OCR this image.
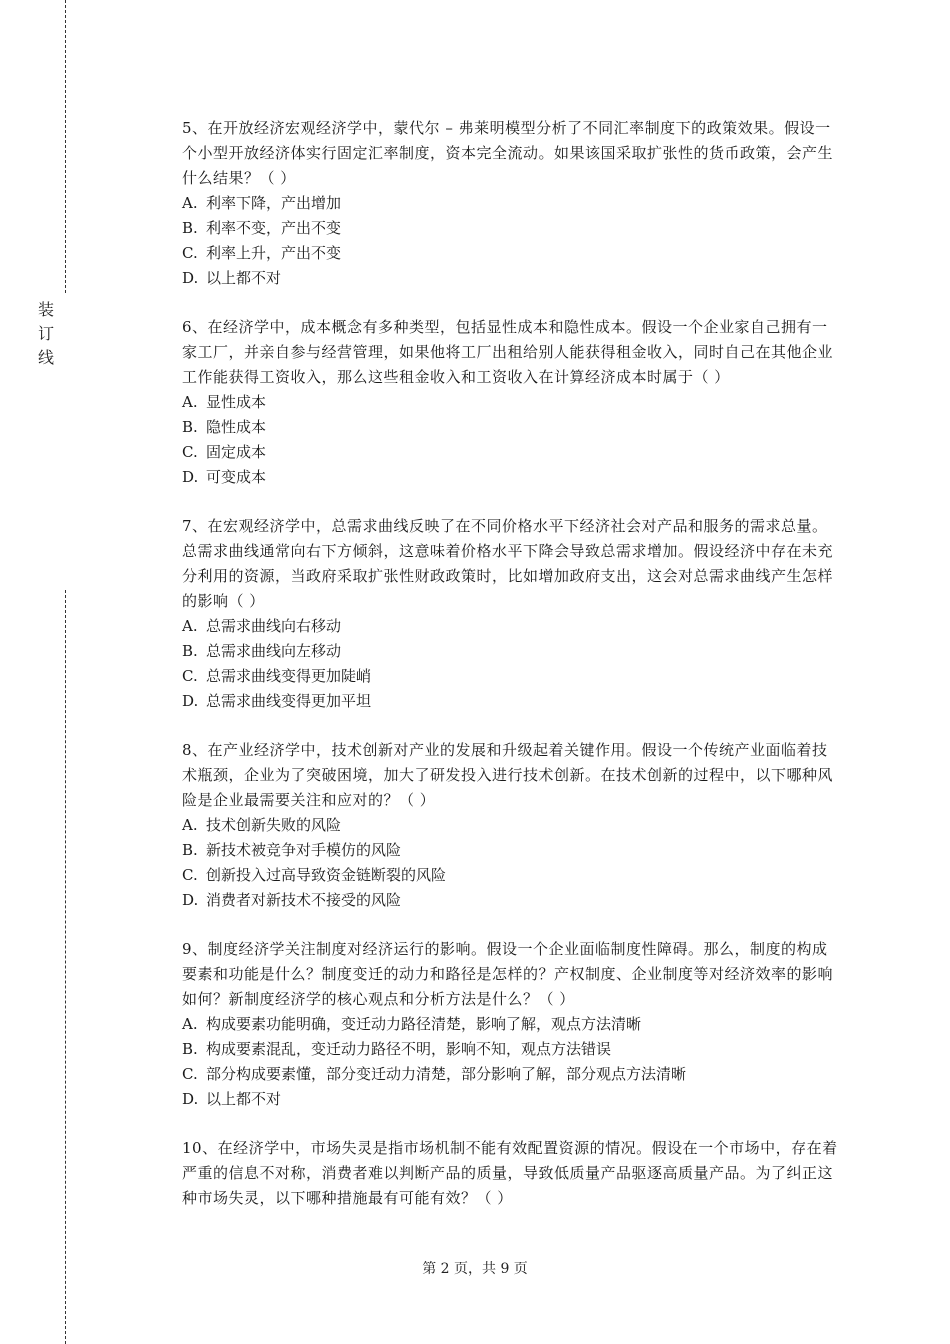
装
订
线

5、在开放经济宏观经济学中，蒙代尔 – 弗莱明模型分析了不同汇率制度下的政策效果。假设一个小型开放经济体实行固定汇率制度，资本完全流动。如果该国采取扩张性的货币政策，会产生什么结果？（ ）

A. 利率下降，产出增加

B. 利率不变，产出不变

C. 利率上升，产出不变

D. 以上都不对

6、在经济学中，成本概念有多种类型，包括显性成本和隐性成本。假设一个企业家自己拥有一家工厂，并亲自参与经营管理，如果他将工厂出租给别人能获得租金收入，同时自己在其他企业工作能获得工资收入，那么这些租金收入和工资收入在计算经济成本时属于（ ）

A. 显性成本

B. 隐性成本

C. 固定成本

D. 可变成本

7、在宏观经济学中，总需求曲线反映了在不同价格水平下经济社会对产品和服务的需求总量。总需求曲线通常向右下方倾斜，这意味着价格水平下降会导致总需求增加。假设经济中存在未充分利用的资源，当政府采取扩张性财政政策时，比如增加政府支出，这会对总需求曲线产生怎样的影响（ ）

A. 总需求曲线向右移动

B. 总需求曲线向左移动

C. 总需求曲线变得更加陡峭

D. 总需求曲线变得更加平坦

8、在产业经济学中，技术创新对产业的发展和升级起着关键作用。假设一个传统产业面临着技术瓶颈，企业为了突破困境，加大了研发投入进行技术创新。在技术创新的过程中，以下哪种风险是企业最需要关注和应对的？（ ）

A. 技术创新失败的风险

B. 新技术被竞争对手模仿的风险

C. 创新投入过高导致资金链断裂的风险

D. 消费者对新技术不接受的风险

9、制度经济学关注制度对经济运行的影响。假设一个企业面临制度性障碍。那么，制度的构成要素和功能是什么？制度变迁的动力和路径是怎样的？产权制度、企业制度等对经济效率的影响如何？新制度经济学的核心观点和分析方法是什么？（ ）

A. 构成要素功能明确，变迁动力路径清楚，影响了解，观点方法清晰

B. 构成要素混乱，变迁动力路径不明，影响不知，观点方法错误

C. 部分构成要素懂，部分变迁动力清楚，部分影响了解，部分观点方法清晰

D. 以上都不对

10、在经济学中，市场失灵是指市场机制不能有效配置资源的情况。假设在一个市场中，存在着严重的信息不对称，消费者难以判断产品的质量，导致低质量产品驱逐高质量产品。为了纠正这种市场失灵，以下哪种措施最有可能有效？（ ）

第 2 页，共 9 页
